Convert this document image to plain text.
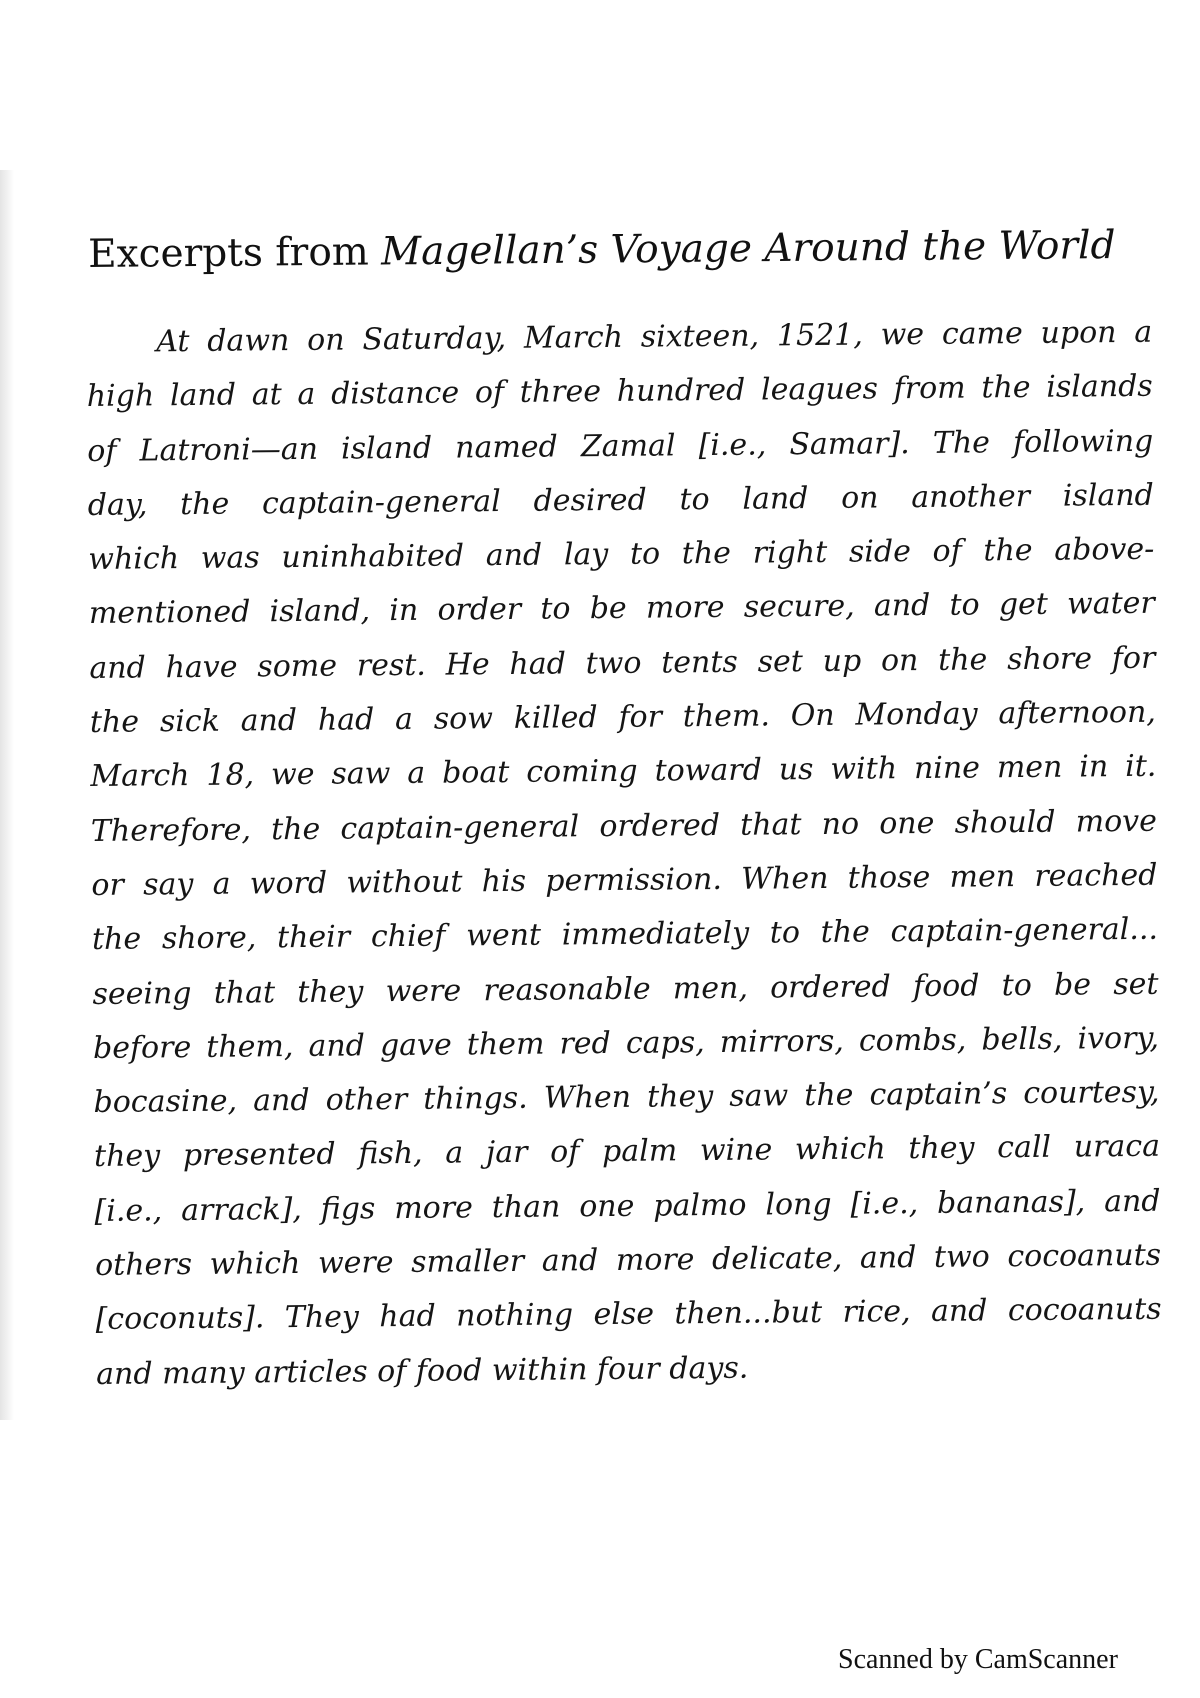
Excerpts from Magellan’s Voyage Around the World
At dawn on Saturday, March sixteen, 1521, we came upon a
high land at a distance of three hundred leagues from the islands
of Latroni—an island named Zamal [i.e., Samar]. The following
day, the captain-general desired to land on another island
which was uninhabited and lay to the right side of the above-
mentioned island, in order to be more secure, and to get water
and have some rest. He had two tents set up on the shore for
the sick and had a sow killed for them. On Monday afternoon,
March 18, we saw a boat coming toward us with nine men in it.
Therefore, the captain-general ordered that no one should move
or say a word without his permission. When those men reached
the shore, their chief went immediately to the captain-general...
seeing that they were reasonable men, ordered food to be set
before them, and gave them red caps, mirrors, combs, bells, ivory,
bocasine, and other things. When they saw the captain’s courtesy,
they presented fish, a jar of palm wine which they call uraca
[i.e., arrack], figs more than one palmo long [i.e., bananas], and
others which were smaller and more delicate, and two cocoanuts
[coconuts]. They had nothing else then...but rice, and cocoanuts
and many articles of food within four days.
Scanned by CamScanner
